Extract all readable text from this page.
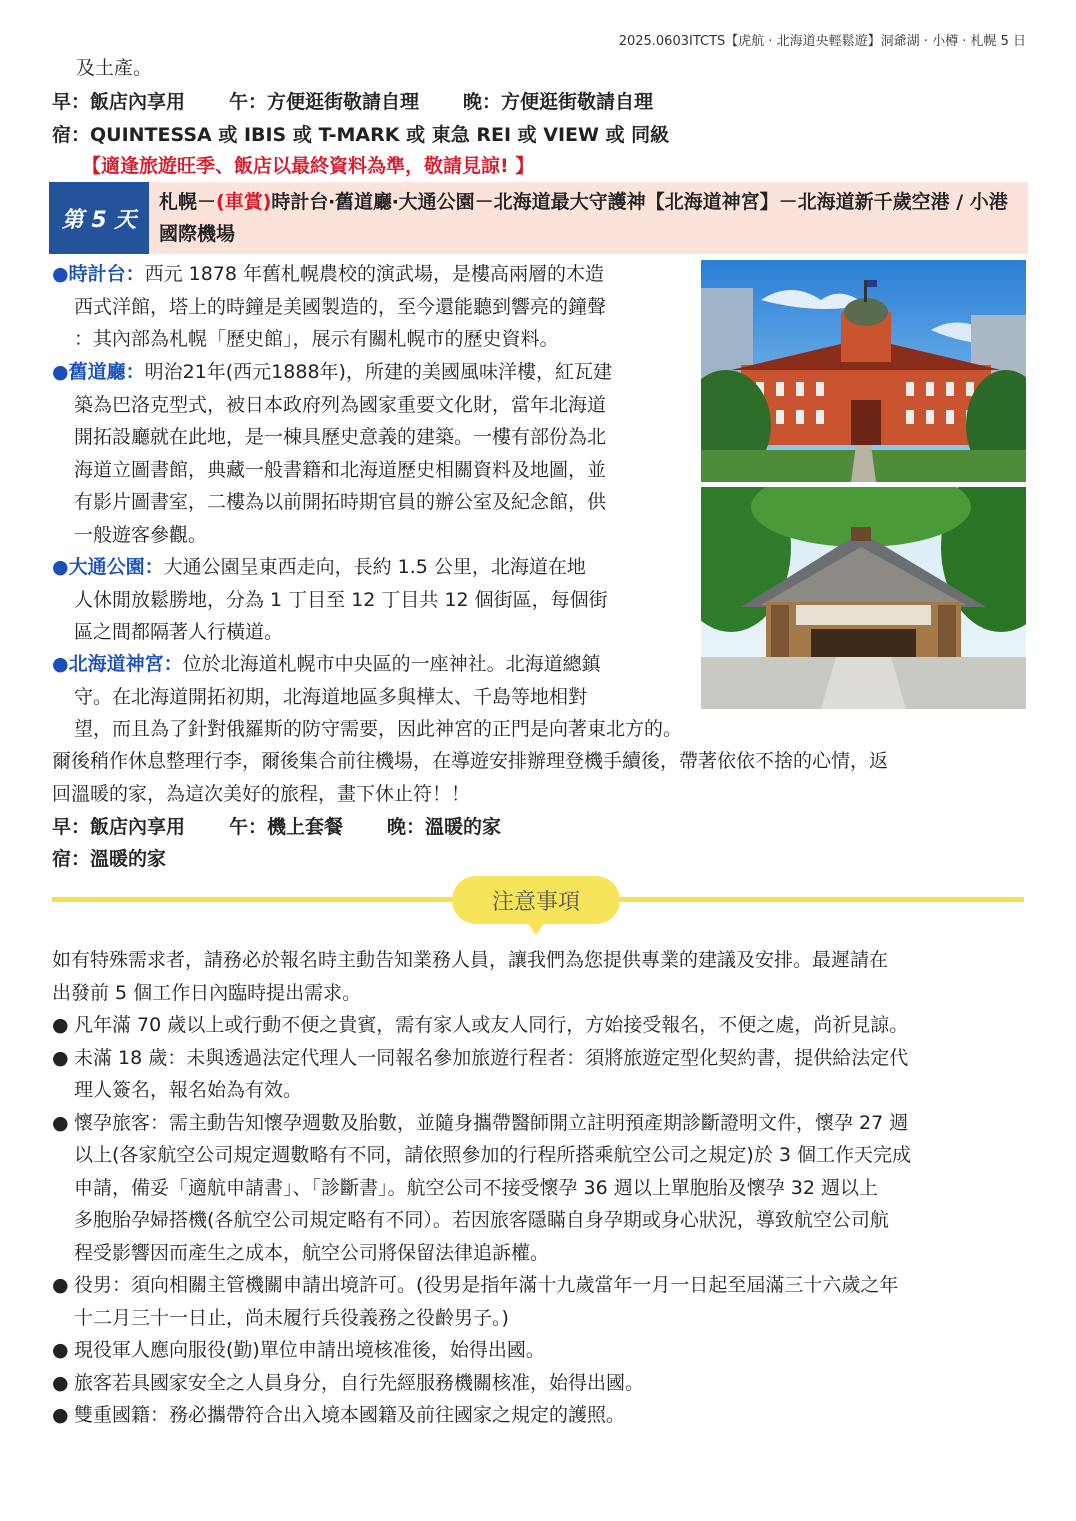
2025.0603ITCTS【虎航 · 北海道央輕鬆遊】洞爺湖 · 小樽 · 札幌 5 日
及土產。
早：飯店內享用 午：方便逛街敬請自理 晚：方便逛街敬請自理
宿：QUINTESSA 或 IBIS 或 T-MARK 或 東急 REI 或 VIEW 或 同級
【適逢旅遊旺季、飯店以最終資料為準，敬請見諒! 】
第 5 天
札幌－(車賞)時計台‧舊道廳‧大通公園－北海道最大守護神【北海道神宮】－北海道新千歲空港 / 小港國際機場
●時計台：西元 1878 年舊札幌農校的演武場，是樓高兩層的木造
西式洋館，塔上的時鐘是美國製造的，至今還能聽到響亮的鐘聲
：其內部為札幌「歷史館」，展示有關札幌市的歷史資料。
●舊道廳：明治21年(西元1888年)，所建的美國風味洋樓，紅瓦建
築為巴洛克型式，被日本政府列為國家重要文化財，當年北海道
開拓設廳就在此地，是一棟具歷史意義的建築。一樓有部份為北
海道立圖書館，典藏一般書籍和北海道歷史相關資料及地圖，並
有影片圖書室，二樓為以前開拓時期官員的辦公室及紀念館，供
一般遊客參觀。
●大通公園：大通公園呈東西走向，長約 1.5 公里，北海道在地
人休閒放鬆勝地，分為 1 丁目至 12 丁目共 12 個街區，每個街
區之間都隔著人行橫道。
●北海道神宮：位於北海道札幌市中央區的一座神社。北海道總鎮
守。在北海道開拓初期，北海道地區多與樺太、千島等地相對
望，而且為了針對俄羅斯的防守需要，因此神宮的正門是向著東北方的。
爾後稍作休息整理行李，爾後集合前往機場，在導遊安排辦理登機手續後，帶著依依不捨的心情，返
回溫暖的家，為這次美好的旅程，畫下休止符！！
早：飯店內享用 午：機上套餐 晚：溫暖的家
宿：溫暖的家
注意事項
如有特殊需求者，請務必於報名時主動告知業務人員，讓我們為您提供專業的建議及安排。最遲請在
出發前 5 個工作日內臨時提出需求。
● 凡年滿 70 歲以上或行動不便之貴賓，需有家人或友人同行，方始接受報名，不便之處，尚祈見諒。
● 未滿 18 歲：未與透過法定代理人一同報名參加旅遊行程者：須將旅遊定型化契約書，提供給法定代
理人簽名，報名始為有效。
● 懷孕旅客：需主動告知懷孕週數及胎數，並隨身攜帶醫師開立註明預產期診斷證明文件，懷孕 27 週
以上(各家航空公司規定週數略有不同，請依照參加的行程所搭乘航空公司之規定)於 3 個工作天完成
申請，備妥「適航申請書」、「診斷書」。航空公司不接受懷孕 36 週以上單胞胎及懷孕 32 週以上
多胞胎孕婦搭機(各航空公司規定略有不同）。若因旅客隱瞞自身孕期或身心狀況，導致航空公司航
程受影響因而產生之成本，航空公司將保留法律追訴權。
● 役男：須向相關主管機關申請出境許可。(役男是指年滿十九歲當年一月一日起至屆滿三十六歲之年
十二月三十一日止，尚未履行兵役義務之役齡男子。)
● 現役軍人應向服役(勤)單位申請出境核准後，始得出國。
● 旅客若具國家安全之人員身分，自行先經服務機關核准，始得出國。
● 雙重國籍：務必攜帶符合出入境本國籍及前往國家之規定的護照。
